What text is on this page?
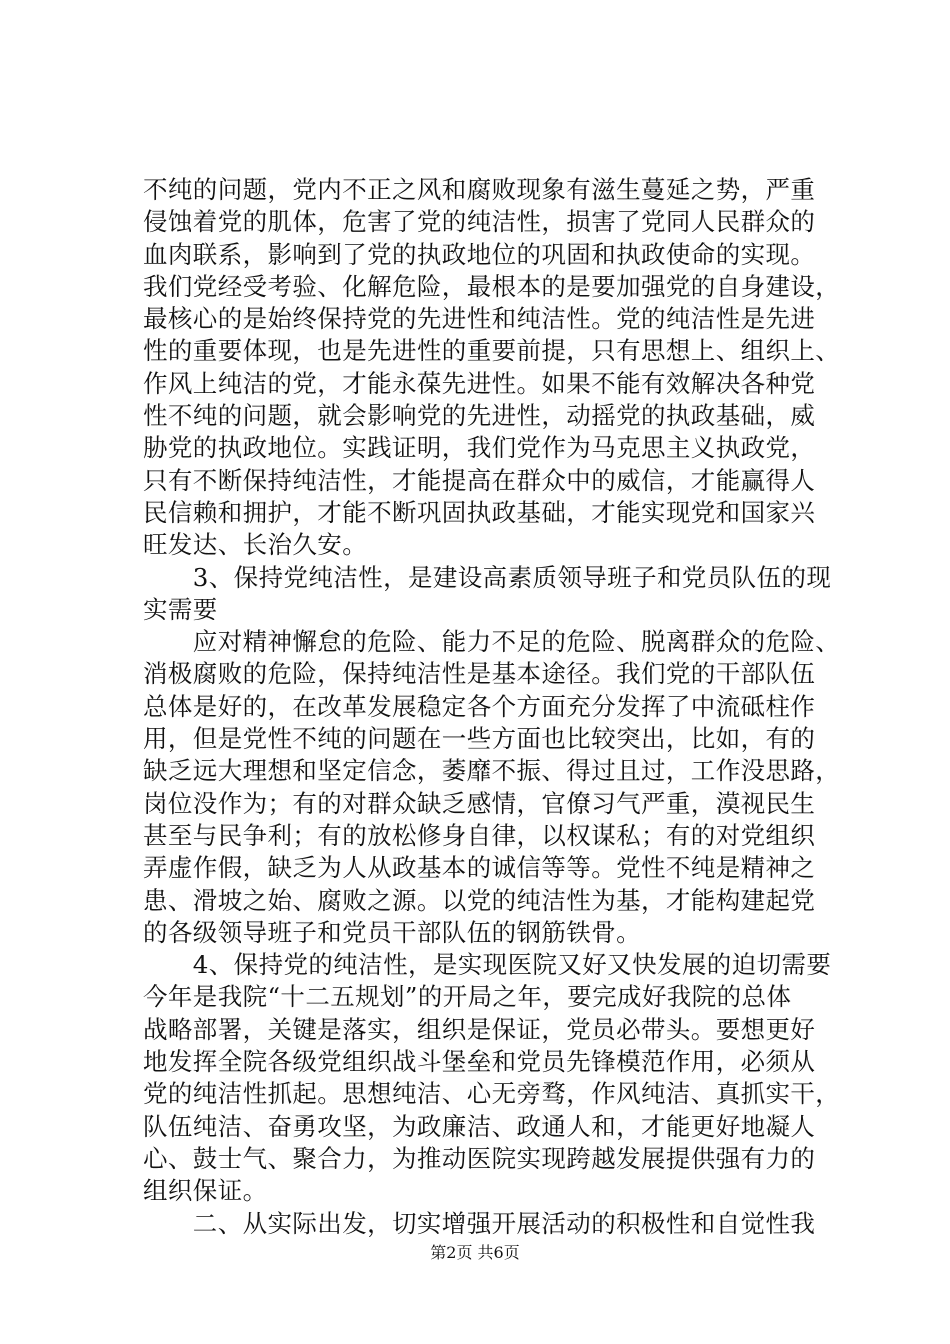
不纯的问题，党内不正之风和腐败现象有滋生蔓延之势，严重
侵蚀着党的肌体，危害了党的纯洁性，损害了党同人民群众的
血肉联系，影响到了党的执政地位的巩固和执政使命的实现。
我们党经受考验、化解危险，最根本的是要加强党的自身建设，
最核心的是始终保持党的先进性和纯洁性。党的纯洁性是先进
性的重要体现，也是先进性的重要前提，只有思想上、组织上、
作风上纯洁的党，才能永葆先进性。如果不能有效解决各种党
性不纯的问题，就会影响党的先进性，动摇党的执政基础，威
胁党的执政地位。实践证明，我们党作为马克思主义执政党，
只有不断保持纯洁性，才能提高在群众中的威信，才能赢得人
民信赖和拥护，才能不断巩固执政基础，才能实现党和国家兴
旺发达、长治久安。
　　3、保持党纯洁性，是建设高素质领导班子和党员队伍的现
实需要
　　应对精神懈怠的危险、能力不足的危险、脱离群众的危险、
消极腐败的危险，保持纯洁性是基本途径。我们党的干部队伍
总体是好的，在改革发展稳定各个方面充分发挥了中流砥柱作
用，但是党性不纯的问题在一些方面也比较突出，比如，有的
缺乏远大理想和坚定信念，萎靡不振、得过且过，工作没思路，
岗位没作为；有的对群众缺乏感情，官僚习气严重，漠视民生
甚至与民争利；有的放松修身自律，以权谋私；有的对党组织
弄虚作假，缺乏为人从政基本的诚信等等。党性不纯是精神之
患、滑坡之始、腐败之源。以党的纯洁性为基，才能构建起党
的各级领导班子和党员干部队伍的钢筋铁骨。
　　4、保持党的纯洁性，是实现医院又好又快发展的迫切需要
今年是我院“十二五规划”的开局之年，要完成好我院的总体
战略部署，关键是落实，组织是保证，党员必带头。要想更好
地发挥全院各级党组织战斗堡垒和党员先锋模范作用，必须从
党的纯洁性抓起。思想纯洁、心无旁骛，作风纯洁、真抓实干，
队伍纯洁、奋勇攻坚，为政廉洁、政通人和，才能更好地凝人
心、鼓士气、聚合力，为推动医院实现跨越发展提供强有力的
组织保证。
　　二、从实际出发，切实增强开展活动的积极性和自觉性我
第2页 共6页
